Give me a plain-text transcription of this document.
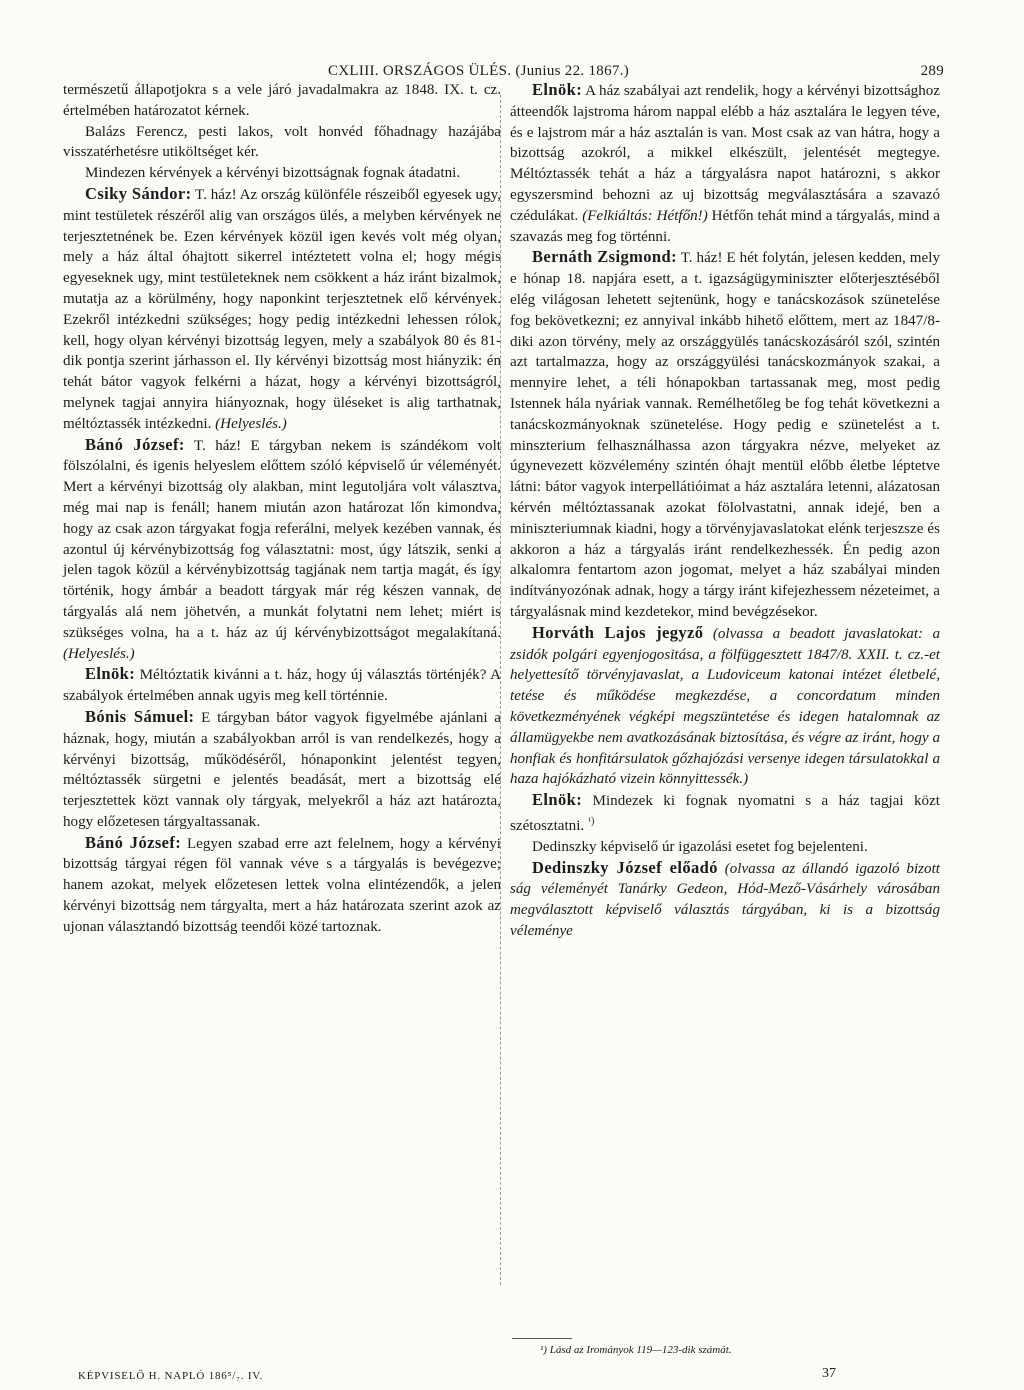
CXLIII. ORSZÁGOS ÜLÉS. (Junius 22. 1867.)	289

természetű állapotjokra s a vele járó javadalmakra az 1848. IX. t. cz. értelmében határozatot kérnek.

Balázs Ferencz, pesti lakos, volt honvéd főhadnagy hazájába visszatérhetésre utiköltséget kér.

Mindezen kérvények a kérvényi bizottságnak fognak átadatni.

Csiky Sándor: T. ház! Az ország különféle részeiből egyesek ugy, mint testületek részéről alig van országos ülés, a melyben kérvények ne terjesztetnének be. Ezen kérvények közül igen kevés volt még olyan, mely a ház által óhajtott sikerrel intéztetett volna el; hogy mégis egyeseknek ugy, mint testületeknek nem csökkent a ház iránt bizalmok, mutatja az a körülmény, hogy naponkint terjesztetnek elő kérvények. Ezekről intézkedni szükséges; hogy pedig intézkedni lehessen rólok, kell, hogy olyan kérvényi bizottság legyen, mely a szabályok 80 és 81-dik pontja szerint járhasson el. Ily kérvényi bizottság most hiányzik: én tehát bátor vagyok felkérni a házat, hogy a kérvényi bizottságról, melynek tagjai annyira hiányoznak, hogy üléseket is alig tarthatnak, méltóztassék intézkedni. (Helyeslés.)

Bánó József: T. ház! E tárgyban nekem is szándékom volt fölszólalni, és igenis helyeslem előttem szóló képviselő úr véleményét. Mert a kérvényi bizottság oly alakban, mint legutoljára volt választva, még mai nap is fenáll; hanem miután azon határozat lőn kimondva, hogy az csak azon tárgyakat fogja referálni, melyek kezében vannak, és azontul új kérvénybizottság fog választatni: most, úgy látszik, senki a jelen tagok közül a kérvénybizottság tagjának nem tartja magát, és így történik, hogy ámbár a beadott tárgyak már rég készen vannak, de tárgyalás alá nem jöhetvén, a munkát folytatni nem lehet; miért is szükséges volna, ha a t. ház az új kérvénybizottságot megalakítaná. (Helyeslés.)

Elnök: Méltóztatik kivánni a t. ház, hogy új választás történjék? A szabályok értelmében annak ugyis meg kell történnie.

Bónis Sámuel: E tárgyban bátor vagyok figyelmébe ajánlani a háznak, hogy, miután a szabályokban arról is van rendelkezés, hogy a kérvényi bizottság, működéséről, hónaponkint jelentést tegyen, méltóztassék sürgetni e jelentés beadását, mert a bizottság elé terjesztettek közt vannak oly tárgyak, melyekről a ház azt határozta, hogy előzetesen tárgyaltassanak.

Bánó József: Legyen szabad erre azt felelnem, hogy a kérvényi bizottság tárgyai régen föl vannak véve s a tárgyalás is bevégezve; hanem azokat, melyek előzetesen lettek volna elintézendők, a jelen kérvényi bizottság nem tárgyalta, mert a ház határozata szerint azok az ujonan választandó bizottság teendői közé tartoznak.

Elnök: A ház szabályai azt rendelik, hogy a kérvényi bizottsághoz átteendők lajstroma három nappal elébb a ház asztalára le legyen téve, és e lajstrom már a ház asztalán is van. Most csak az van hátra, hogy a bizottság azokról, a mikkel elkészült, jelentését megtegye. Méltóztassék tehát a ház a tárgyalásra napot határozni, s akkor egyszersmind behozni az uj bizottság megválasztására a szavazó czédulákat. (Felkiáltás: Hétfőn!) Hétfőn tehát mind a tárgyalás, mind a szavazás meg fog történni.

Bernáth Zsigmond: T. ház! E hét folytán, jelesen kedden, mely e hónap 18. napjára esett, a t. igazságügyminiszter előterjesztéséből elég világosan lehetett sejtenünk, hogy e tanácskozások szünetelése fog bekövetkezni; ez annyival inkább hihető előttem, mert az 1847/8-diki azon törvény, mely az országgyülés tanácskozásáról szól, szintén azt tartalmazza, hogy az országgyülési tanácskozmányok szakai, a mennyire lehet, a téli hónapokban tartassanak meg, most pedig Istennek hála nyáriak vannak. Remélhetőleg be fog tehát következni a tanácskozmányoknak szünetelése. Hogy pedig e szünetelést a t. minszterium felhasználhassa azon tárgyakra nézve, melyeket az úgynevezett közvélemény szintén óhajt mentül előbb életbe léptetve látni: bátor vagyok interpellátióimat a ház asztalára letenni, alázatosan kérvén méltóztassanak azokat fölolvastatni, annak idejé, ben a miniszteriumnak kiadni, hogy a törvényjavaslatokat elénk terjeszsze és akkoron a ház a tárgyalás iránt rendelkezhessék. Én pedig azon alkalomra fentartom azon jogomat, melyet a ház szabályai minden indítványozónak adnak, hogy a tárgy iránt kifejezhessem nézeteimet, a tárgyalásnak mind kezdetekor, mind bevégzésekor.

Horváth Lajos jegyző (olvassa a beadott javaslatokat: a zsidók polgári egyenjogositása, a fölfüggesztett 1847/8. XXII. t. cz.-et helyettesítő törvényjavaslat, a Ludoviceum katonai intézet életbelé, tetése és működése megkezdése, a concordatum minden következményének végképi megszüntetése és idegen hatalomnak az államügyekbe nem avatkozásának biztosítása, és végre az iránt, hogy a honfiak és honfitársulatok gőzhajózási versenye idegen társulatokkal a haza hajókázható vizein könnyittessék.)

Elnök: Mindezek ki fognak nyomatni s a ház tagjai közt szétosztatni. $^{^1)}$

Dedinszky képviselő úr igazolási esetet fog bejelenteni.

Dedinszky József előadó (olvassa az állandó igazoló bizott ság véleményét Tanárky Gedeon, Hód-Mező-Vásárhely városában megválasztott képviselő választás tárgyában, ki is a bizottság véleménye

¹) Lásd az Irományok 119—123-dik számát.
KÉPVISELŐ H. NAPLÓ 186⁵/₇. IV.	37
